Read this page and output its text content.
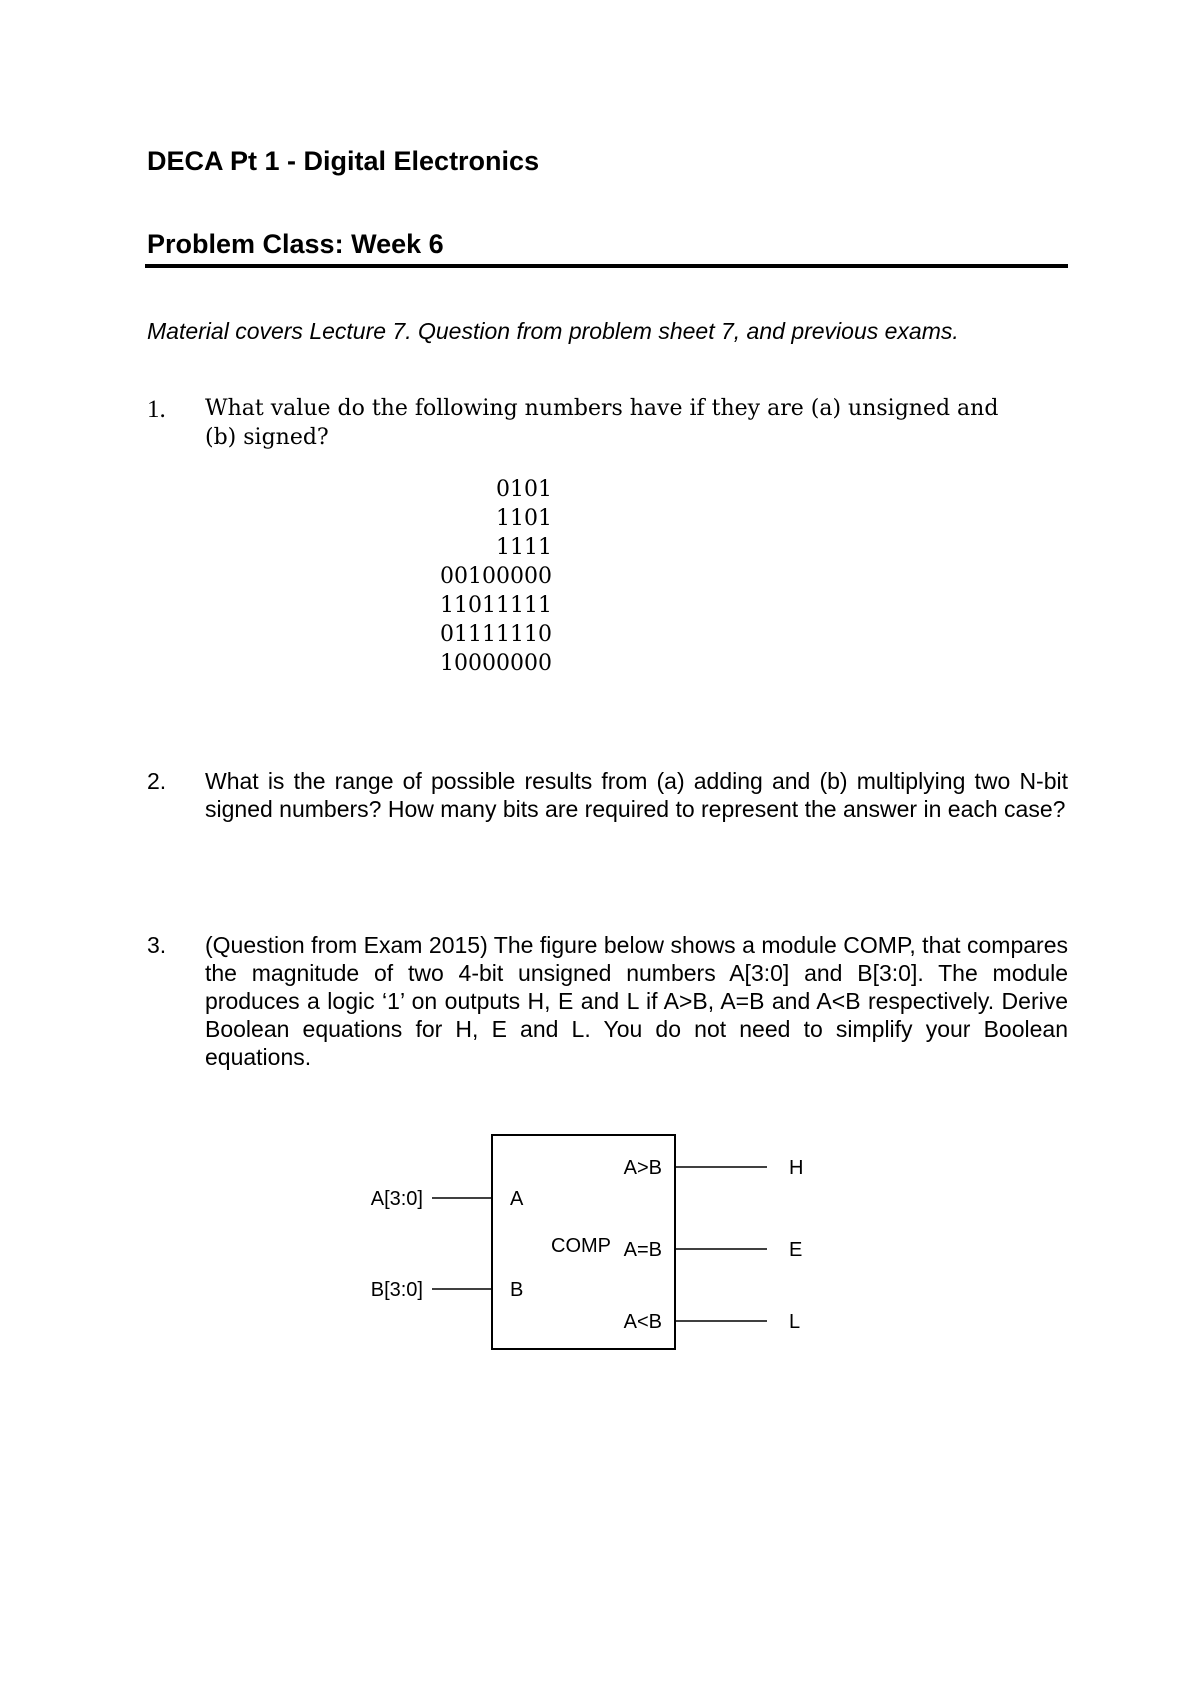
DECA Pt 1 - Digital Electronics
Problem Class: Week 6
Material covers Lecture 7. Question from problem sheet 7, and previous exams.
1. What value do the following numbers have if they are (a) unsigned and (b) signed?
0101
1101
1111
00100000
11011111
01111110
10000000
2. What is the range of possible results from (a) adding and (b) multiplying two N-bit signed numbers? How many bits are required to represent the answer in each case?
3. (Question from Exam 2015) The figure below shows a module COMP, that compares the magnitude of two 4-bit unsigned numbers A[3:0] and B[3:0]. The module produces a logic ‘1’ on outputs H, E and L if A>B, A=B and A<B respectively. Derive Boolean equations for H, E and L. You do not need to simplify your Boolean equations.
A[3:0]
B[3:0]
A
B
COMP
A>B
A=B
A<B
H
E
L
